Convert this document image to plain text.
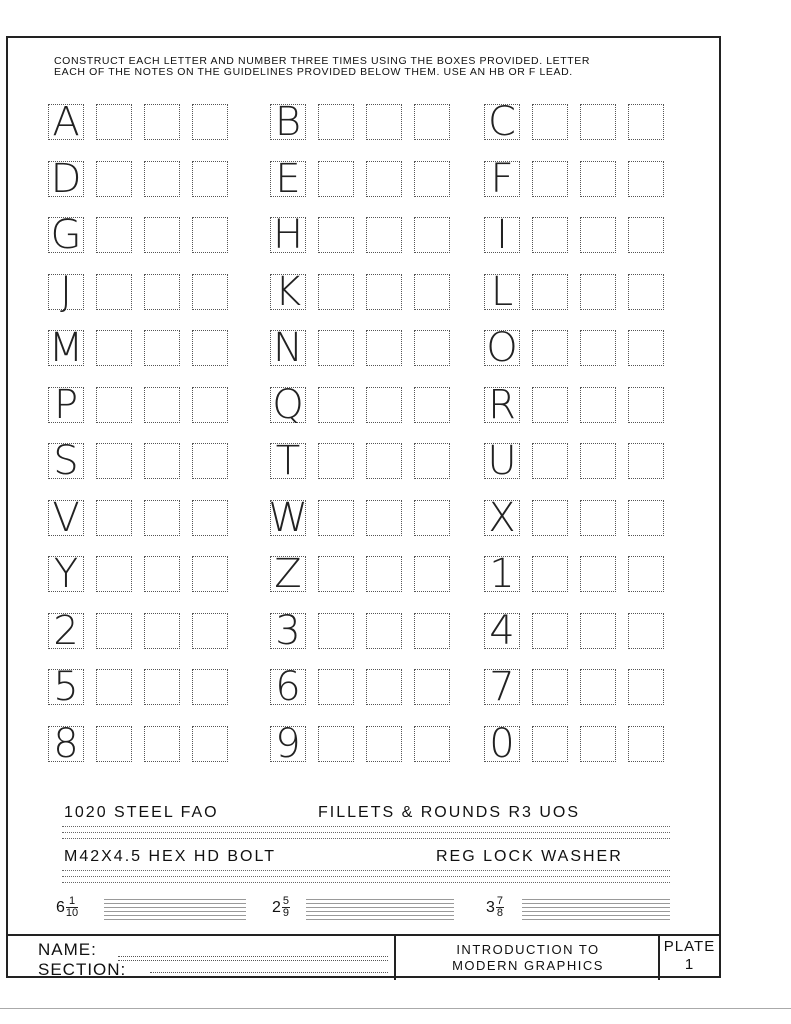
CONSTRUCT EACH LETTER AND NUMBER THREE TIMES USING THE BOXES PROVIDED. LETTER
EACH OF THE NOTES ON THE GUIDELINES PROVIDED BELOW THEM. USE AN HB OR F LEAD.
A	B	C
D	E	F
G	H	I
J	K	L
M	N	O
P	Q	R
S	T	U
V	W	X
Y	Z	1
2	3	4
5	6	7
8	9	0
1020 STEEL FAO	FILLETS & ROUNDS R3 UOS
M42X4.5 HEX HD BOLT	REG LOCK WASHER
$6 \frac{1}{10}$	$2 \frac{5}{9}$	$3 \frac{7}{8}$
NAME:
SECTION:
INTRODUCTION TO
MODERN GRAPHICS
PLATE
1
